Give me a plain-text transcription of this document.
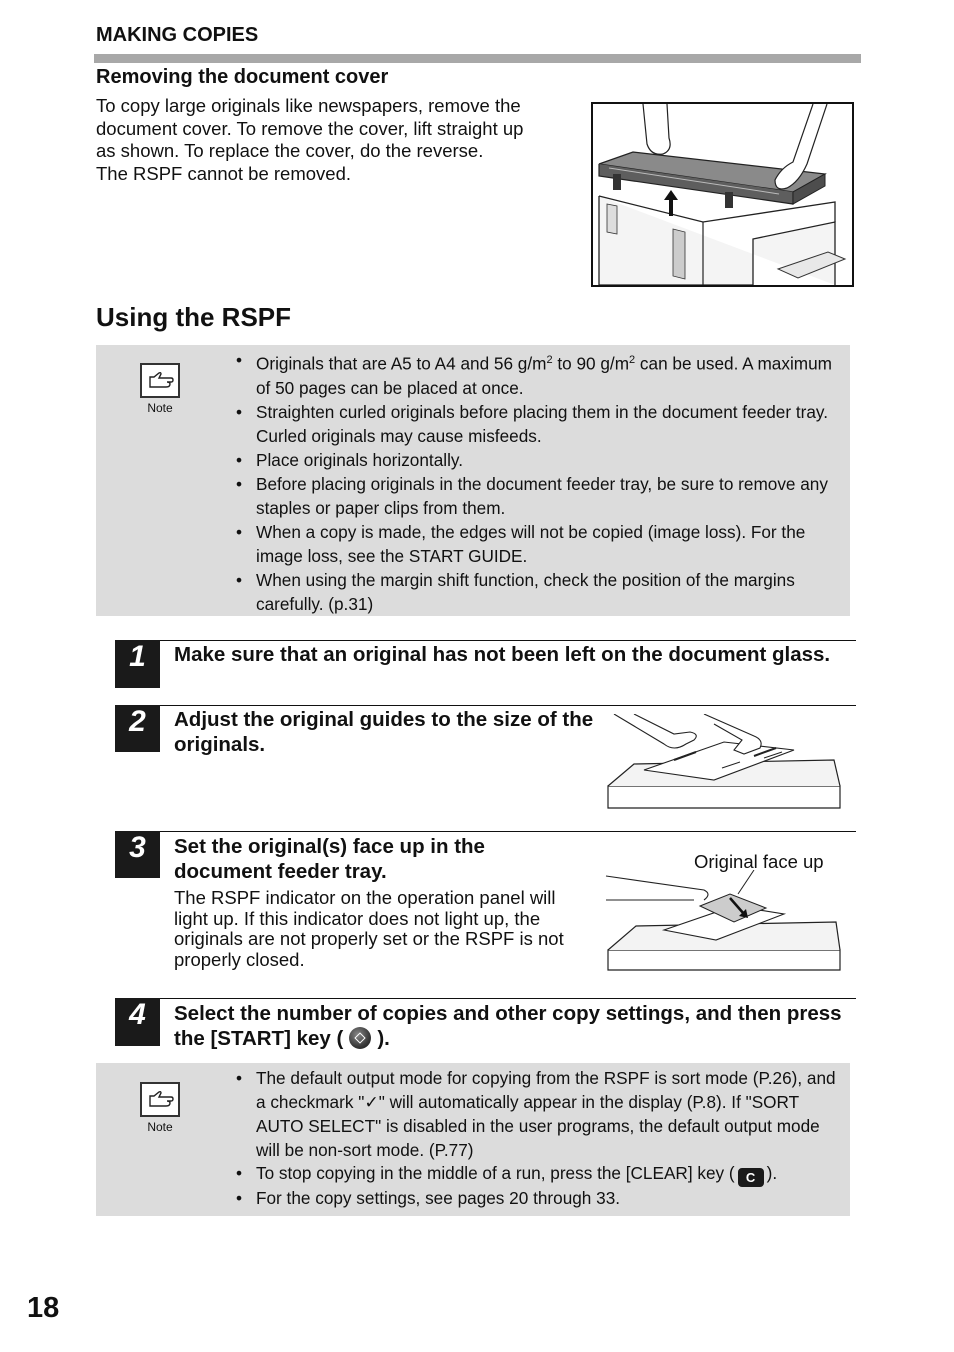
MAKING COPIES
Removing the document cover

To copy large originals like newspapers, remove the

document cover. To remove the cover, lift straight up

as shown. To replace the cover, do the reverse.

The RSPF cannot be removed.

Using the RSPF
Note
• Originals that are A5 to A4 and 56 $g/m^2$ to 90 $g/m^2$ can be used. A maximum of 50 pages can be placed at once.
• Straighten curled originals before placing them in the document feeder tray. Curled originals may cause misfeeds.
• Place originals horizontally.
• Before placing originals in the document feeder tray, be sure to remove any staples or paper clips from them.
• When a copy is made, the edges will not be copied (image loss). For the image loss, see the START GUIDE.
• When using the margin shift function, check the position of the margins carefully. (p.31)
1	Make sure that an original has not been left on the document glass.
2	Adjust the original guides to the size of the originals.
3	Set the original(s) face up in the document feeder tray.
The RSPF indicator on the operation panel will light up. If this indicator does not light up, the originals are not properly set or the RSPF is not properly closed.
Original face up
4	Select the number of copies and other copy settings, and then press the [START] key ( ).
Note
• The default output mode for copying from the RSPF is sort mode (P.26), and a checkmark "✓" will automatically appear in the display (P.8). If "SORT AUTO SELECT" is disabled in the user programs, the default output mode will be non-sort mode. (P.77)
• To stop copying in the middle of a run, press the [CLEAR] key ( C ).
• For the copy settings, see pages 20 through 33.
18
